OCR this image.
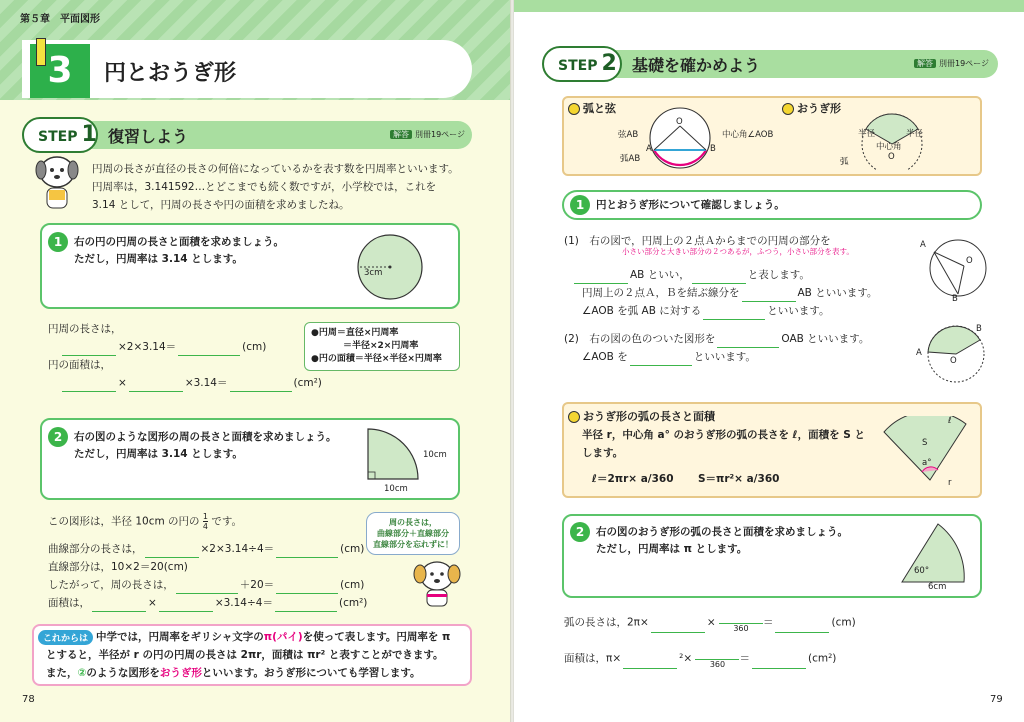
第５章　平面図形
3	円とおうぎ形
STEP 1 復習しよう	解答 別冊19ページ
円周の長さが直径の長さの何倍になっているかを表す数を円周率といいます。
円周率は，3.141592…とどこまでも続く数ですが，小学校では，これを
3.14 として，円周の長さや円の面積を求めましたね。
1	右の円の円周の長さと面積を求めましょう。
ただし，円周率は 3.14 とします。
3cm
円周の長さは，
×2×3.14＝	(cm)
円の面積は，
×	×3.14＝	(cm²)
●円周＝直径×円周率
＝半径×2×円周率
●円の面積＝半径×半径×円周率
2	右の図のような図形の周の長さと面積を求めましょう。
ただし，円周率は 3.14 とします。	10cm
10cm
この図形は，半径 10cm の円の $\frac{1}{4}$ です。
曲線部分の長さは，	×2×3.14÷4＝	(cm)
直線部分は，10×2＝20(cm)
したがって，周の長さは，	＋20＝	(cm)
面積は，	×	×3.14÷4＝	(cm²)
周の長さは，
曲線部分＋直線部分
直線部分を忘れずに！
これからは 中学では，円周率をギリシャ文字のπ(パイ)を使って表します。円周率を π
とすると，半径が r の円の円周の長さは 2πr，面積は πr² と表すことができます。
また，②のような図形をおうぎ形といいます。おうぎ形についても学習します。
78
STEP 2 基礎を確かめよう	解答 別冊19ページ
弧と弦
弧AB
弦AB	中心角∠AOB
O
A	B
おうぎ形
半径	半径
中心角
弧	O
1	円とおうぎ形について確認しましょう。
(1)　右の図で，円周上の２点Ａからまでの円周の部分を
小さい部分と大きい部分の２つあるが，ふつう，小さい部分を表す。
AB といい，	と表します。
円周上の２点Ａ，Ｂを結ぶ線分を	AB といいます。
∠AOB を弧 AB に対する	といいます。
A
O
B
(2)　右の図の色のついた図形を	OAB といいます。
∠AOB を	といいます。	A
O
B
おうぎ形の弧の長さと面積
半径 r，中心角 a° のおうぎ形の弧の長さを ℓ，面積を S と
します。
ℓ＝2πr× a/360 S＝πr²× a/360
ℓ
S
a°
r
2	右の図のおうぎ形の弧の長さと面積を求めましょう。
ただし，円周率は π とします。
60°
6cm
弧の長さは，2π×	× 360 ＝	(cm)
面積は，π×	²× 360 ＝	(cm²)
79
